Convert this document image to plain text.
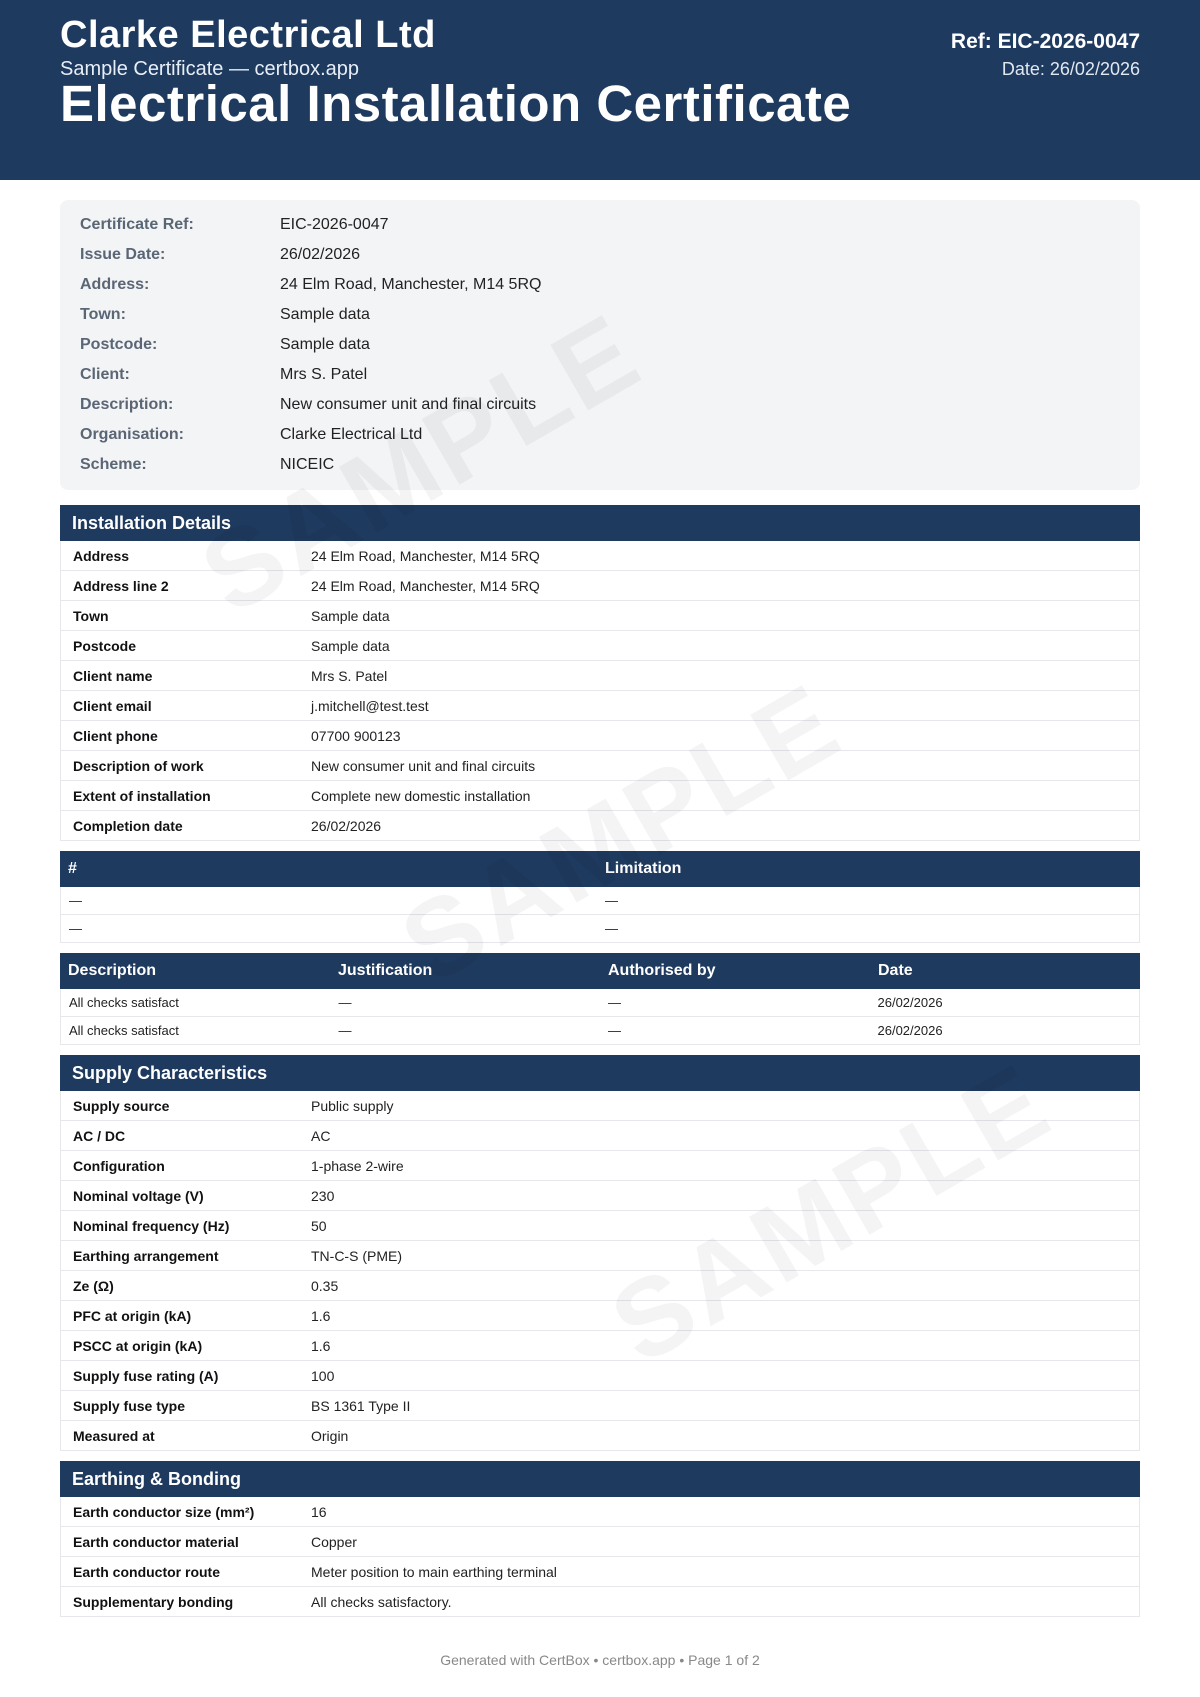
Clarke Electrical Ltd
Sample Certificate — certbox.app
Electrical Installation Certificate
Ref: EIC-2026-0047
Date: 26/02/2026
Certificate Ref:	EIC-2026-0047
Issue Date:	26/02/2026
Address:	24 Elm Road, Manchester, M14 5RQ
Town:	Sample data
Postcode:	Sample data
Client:	Mrs S. Patel
Description:	New consumer unit and final circuits
Organisation:	Clarke Electrical Ltd
Scheme:	NICEIC
Installation Details
Address	24 Elm Road, Manchester, M14 5RQ
Address line 2	24 Elm Road, Manchester, M14 5RQ
Town	Sample data
Postcode	Sample data
Client name	Mrs S. Patel
Client email	j.mitchell@test.test
Client phone	07700 900123
Description of work	New consumer unit and final circuits
Extent of installation	Complete new domestic installation
Completion date	26/02/2026
#	Limitation
—	—
—	—
Description	Justification	Authorised by	Date
All checks satisfact	—	—	26/02/2026
All checks satisfact	—	—	26/02/2026
Supply Characteristics
Supply source	Public supply
AC / DC	AC
Configuration	1-phase 2-wire
Nominal voltage (V)	230
Nominal frequency (Hz)	50
Earthing arrangement	TN-C-S (PME)
Ze (Ω)	0.35
PFC at origin (kA)	1.6
PSCC at origin (kA)	1.6
Supply fuse rating (A)	100
Supply fuse type	BS 1361 Type II
Measured at	Origin
Earthing & Bonding
Earth conductor size (mm²)	16
Earth conductor material	Copper
Earth conductor route	Meter position to main earthing terminal
Supplementary bonding	All checks satisfactory.
Generated with CertBox • certbox.app • Page 1 of 2
